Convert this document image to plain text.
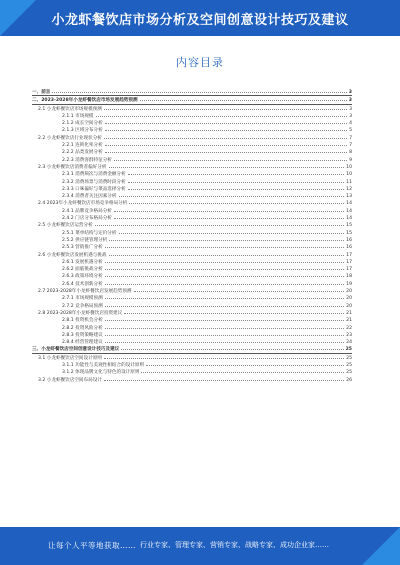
小龙虾餐饮店市场分析及空间创意设计技巧及建议
内容目录
一、前言	3
二、2023-2028年小龙虾餐饮店市场发展趋势预测	3
2.1 小龙虾餐饮店市场规模预测	3
2.1.1 市场规模	3
2.1.2 成长空间分析	4
2.1.3 区域分布分析	5
2.2 小龙虾餐饮店行业现状分析	7
2.2.1 连锁化率分析	7
2.2.2 品类发展分析	8
2.2.3 消费客群特征分析	9
2.3 小龙虾餐饮店消费者偏好分析	10
2.3.1 消费频次与消费金额分析	10
2.3.2 消费场景与消费时段分析	11
2.3.3 口味偏好与菜品选择分析	12
2.3.4 消费者关注因素分析	13
2.4 2023年小龙虾餐饮店市场竞争格局分析	14
2.4.1 品牌竞争格局分析	14
2.4.2 门店分布格局分析	14
2.5 小龙虾餐饮店运营分析	15
2.5.1 菜单结构与定价分析	15
2.5.2 供应链管理分析	16
2.5.3 营销推广分析	16
2.6 小龙虾餐饮店发展机遇与挑战	17
2.6.1 发展机遇分析	17
2.6.2 面临挑战分析	17
2.6.3 政策环境分析	18
2.6.4 技术创新分析	19
2.7 2023-2028年小龙虾餐饮店发展趋势预测	20
2.7.1 市场规模预测	20
2.7.2 竞争格局预测	20
2.8 2023-2028年小龙虾餐饮店投资建议	21
2.8.1 投资机会分析	21
2.8.2 投资风险分析	22
2.8.3 投资策略建议	23
2.8.4 经营管理建议	24
三、小龙虾餐饮店空间创意设计技巧及建议	25
3.1 小龙虾餐饮店空间设计原则	25
3.1.1 功能性与美观性相结合的设计原则	25
3.1.2 体现品牌文化与特色的设计原则	25
3.2 小龙虾餐饮店空间布局设计	26
让每个人平等地获取…… 行业专家、管理专家、营销专家、战略专家、成功企业家……
